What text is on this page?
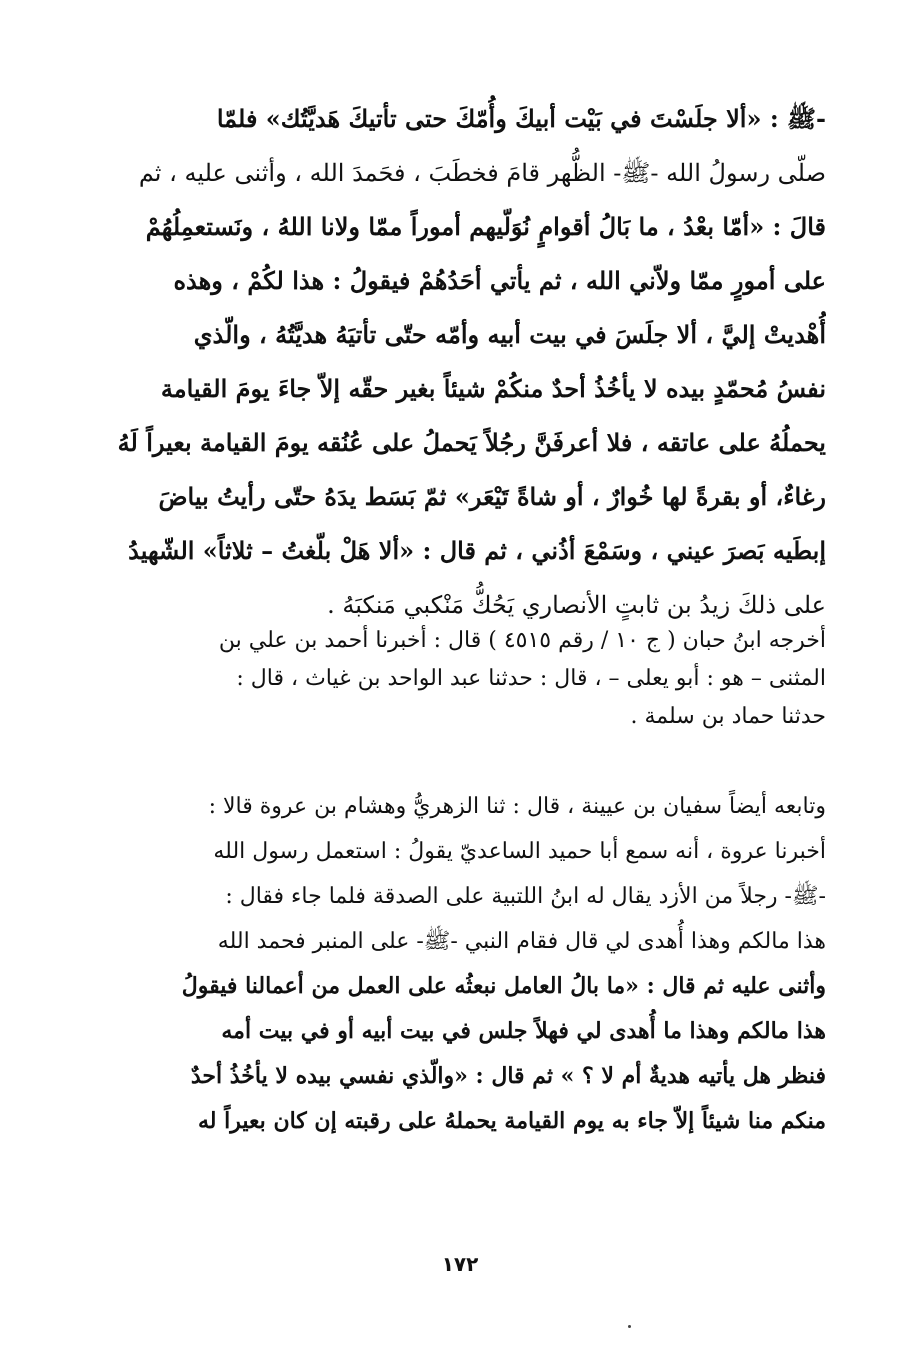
-ﷺ : «ألا جلَسْتَ في بَيْت أبيكَ وأُمّكَ حتى تأتيكَ هَديَّتُك» فلمّا
صلّى رسولُ الله -ﷺ- الظُّهر قامَ فخطَبَ ، فحَمدَ الله ، وأثنى عليه ، ثم
قالَ : «أمّا بعْدُ ، ما بَالُ أقوامٍ نُوَلّيهم أموراً ممّا ولانا اللهُ ، ونَستعمِلُهُمْ
على أمورٍ ممّا ولاّني الله ، ثم يأتي أحَدُهُمْ فيقولُ : هذا لكُمْ ، وهذه
أُهْديتْ إليَّ ، ألا جلَسَ في بيت أبيه وأمّه حتّى تأتيَهُ هديَّتُهُ ، والّذي
نفسُ مُحمّدٍ بيده لا يأخُذُ أحدٌ منكُمْ شيئاً بغير حقّه إلاّ جاءَ يومَ القيامة
يحملُهُ على عاتقه ، فلا أعرفَنَّ رجُلاً يَحملُ على عُنُقه يومَ القيامة بعيراً لَهُ
رغاءٌ، أو بقرةً لها خُوارٌ ، أو شاةً تَيْعَر» ثمّ بَسَط يدَهُ حتّى رأيتُ بياضَ
إبطَيه بَصرَ عيني ، وسَمْعَ أذُني ، ثم قال : «ألا هَلْ بلّغتُ – ثلاثاً» الشّهيدُ
على ذلكَ زيدُ بن ثابتٍ الأنصاري يَحُكُّ مَنْكبي مَنكبَهُ .
أخرجه ابنُ حبان ( ج ١٠ / رقم ٤٥١٥ ) قال : أخبرنا أحمد بن علي بن
المثنى – هو : أبو يعلى – ، قال : حدثنا عبد الواحد بن غياث ، قال :
حدثنا حماد بن سلمة .
وتابعه أيضاً سفيان بن عيينة ، قال : ثنا الزهريُّ وهشام بن عروة قالا :
أخبرنا عروة ، أنه سمع أبا حميد الساعديّ يقولُ : استعمل رسول الله
-ﷺ- رجلاً من الأزد يقال له ابنُ اللتبية على الصدقة فلما جاء فقال :
هذا مالكم وهذا أُهدى لي قال فقام النبي -ﷺ- على المنبر فحمد الله
وأثنى عليه ثم قال : «ما بالُ العامل نبعثُه على العمل من أعمالنا فيقولُ
هذا مالكم وهذا ما أُهدى لي فهلاً جلس في بيت أبيه أو في بيت أمه
فنظر هل يأتيه هديةٌ أم لا ؟ » ثم قال : «والّذي نفسي بيده لا يأخُذُ أحدٌ
منكم منا شيئاً إلاّ جاء به يوم القيامة يحملهُ على رقبته إن كان بعيراً له
١٧٢
